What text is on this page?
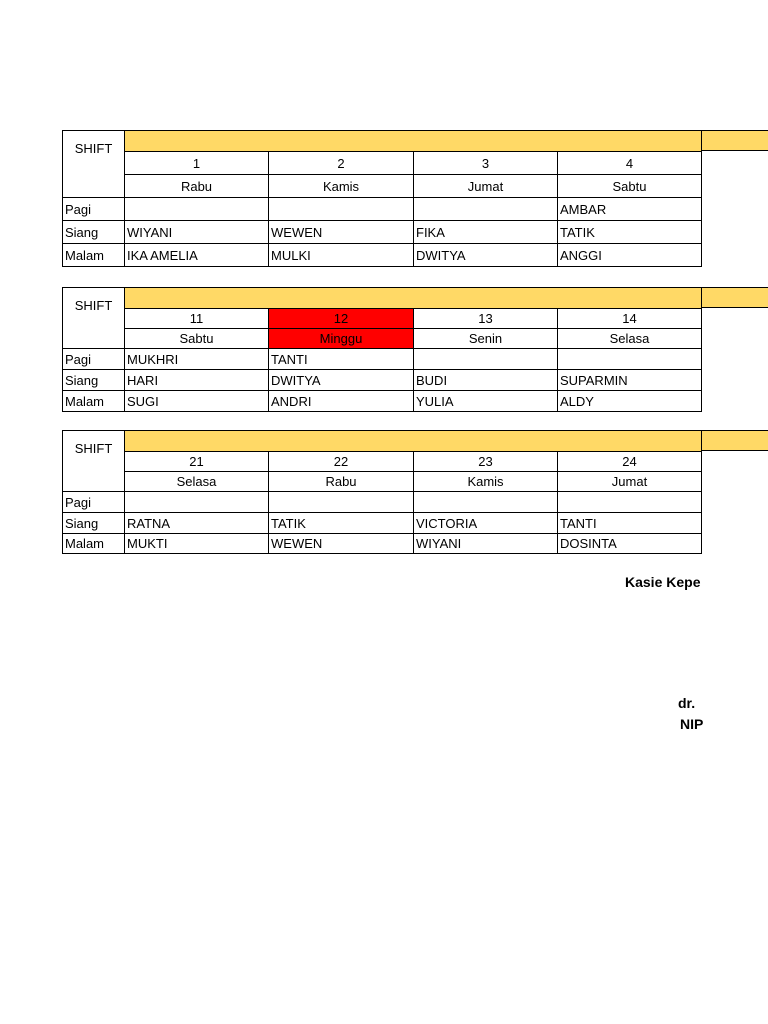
SHIFT				
	1	2	3	4
	Rabu	Kamis	Jumat	Sabtu
Pagi				AMBAR
Siang	WIYANI	WEWEN	FIKA	TATIK
Malam	IKA AMELIA	MULKI	DWITYA	ANGGI
SHIFT				
	11	12	13	14
	Sabtu	Minggu	Senin	Selasa
Pagi	MUKHRI	TANTI		
Siang	HARI	DWITYA	BUDI	SUPARMIN
Malam	SUGI	ANDRI	YULIA	ALDY
SHIFT				
	21	22	23	24
	Selasa	Rabu	Kamis	Jumat
Pagi				
Siang	RATNA	TATIK	VICTORIA	TANTI
Malam	MUKTI	WEWEN	WIYANI	DOSINTA
Kasie Kepe
dr.
NIP
